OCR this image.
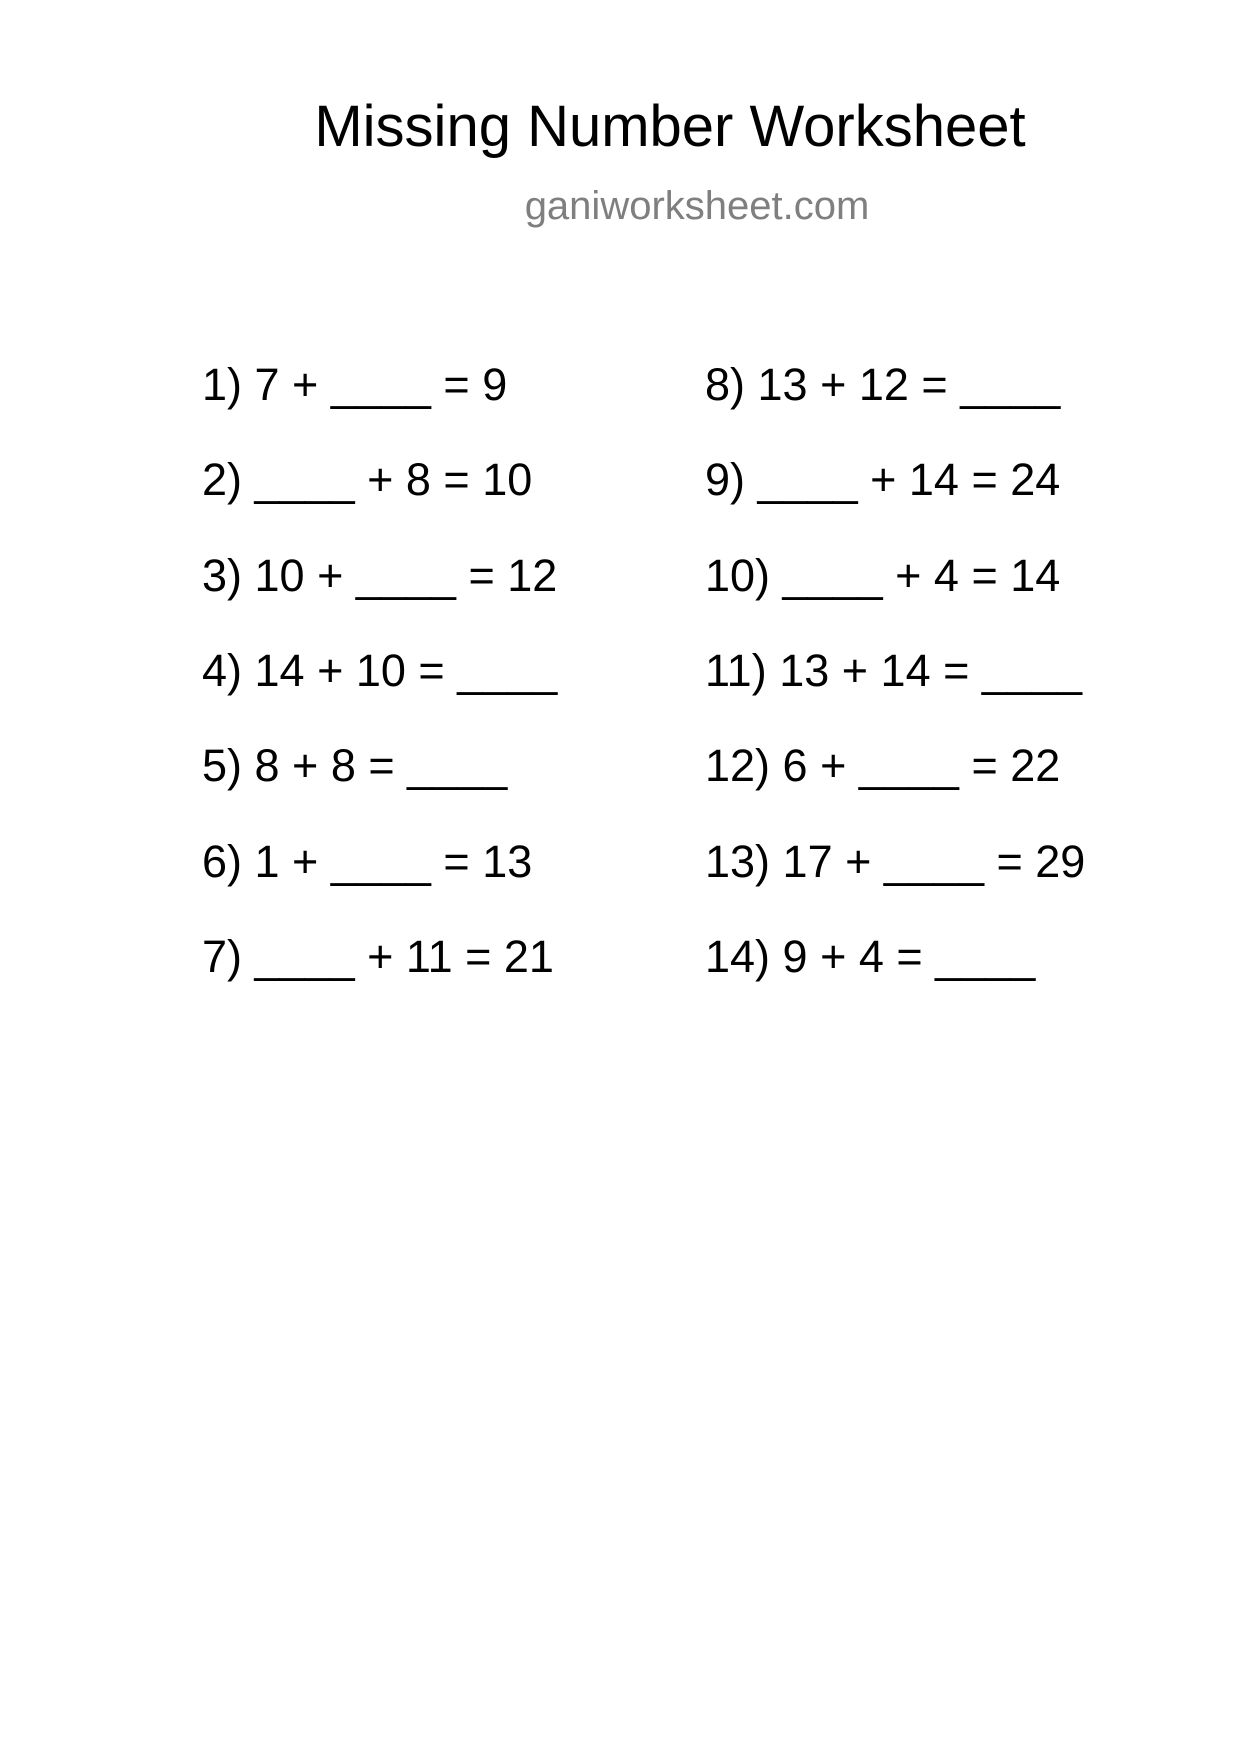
Missing Number Worksheet
ganiworksheet.com
1) 7 + ____ = 9
2) ____ + 8 = 10
3) 10 + ____ = 12
4) 14 + 10 = ____
5) 8 + 8 = ____
6) 1 + ____ = 13
7) ____ + 11 = 21
8) 13 + 12 = ____
9) ____ + 14 = 24
10) ____ + 4 = 14
11) 13 + 14 = ____
12) 6 + ____ = 22
13) 17 + ____ = 29
14) 9 + 4 = ____
